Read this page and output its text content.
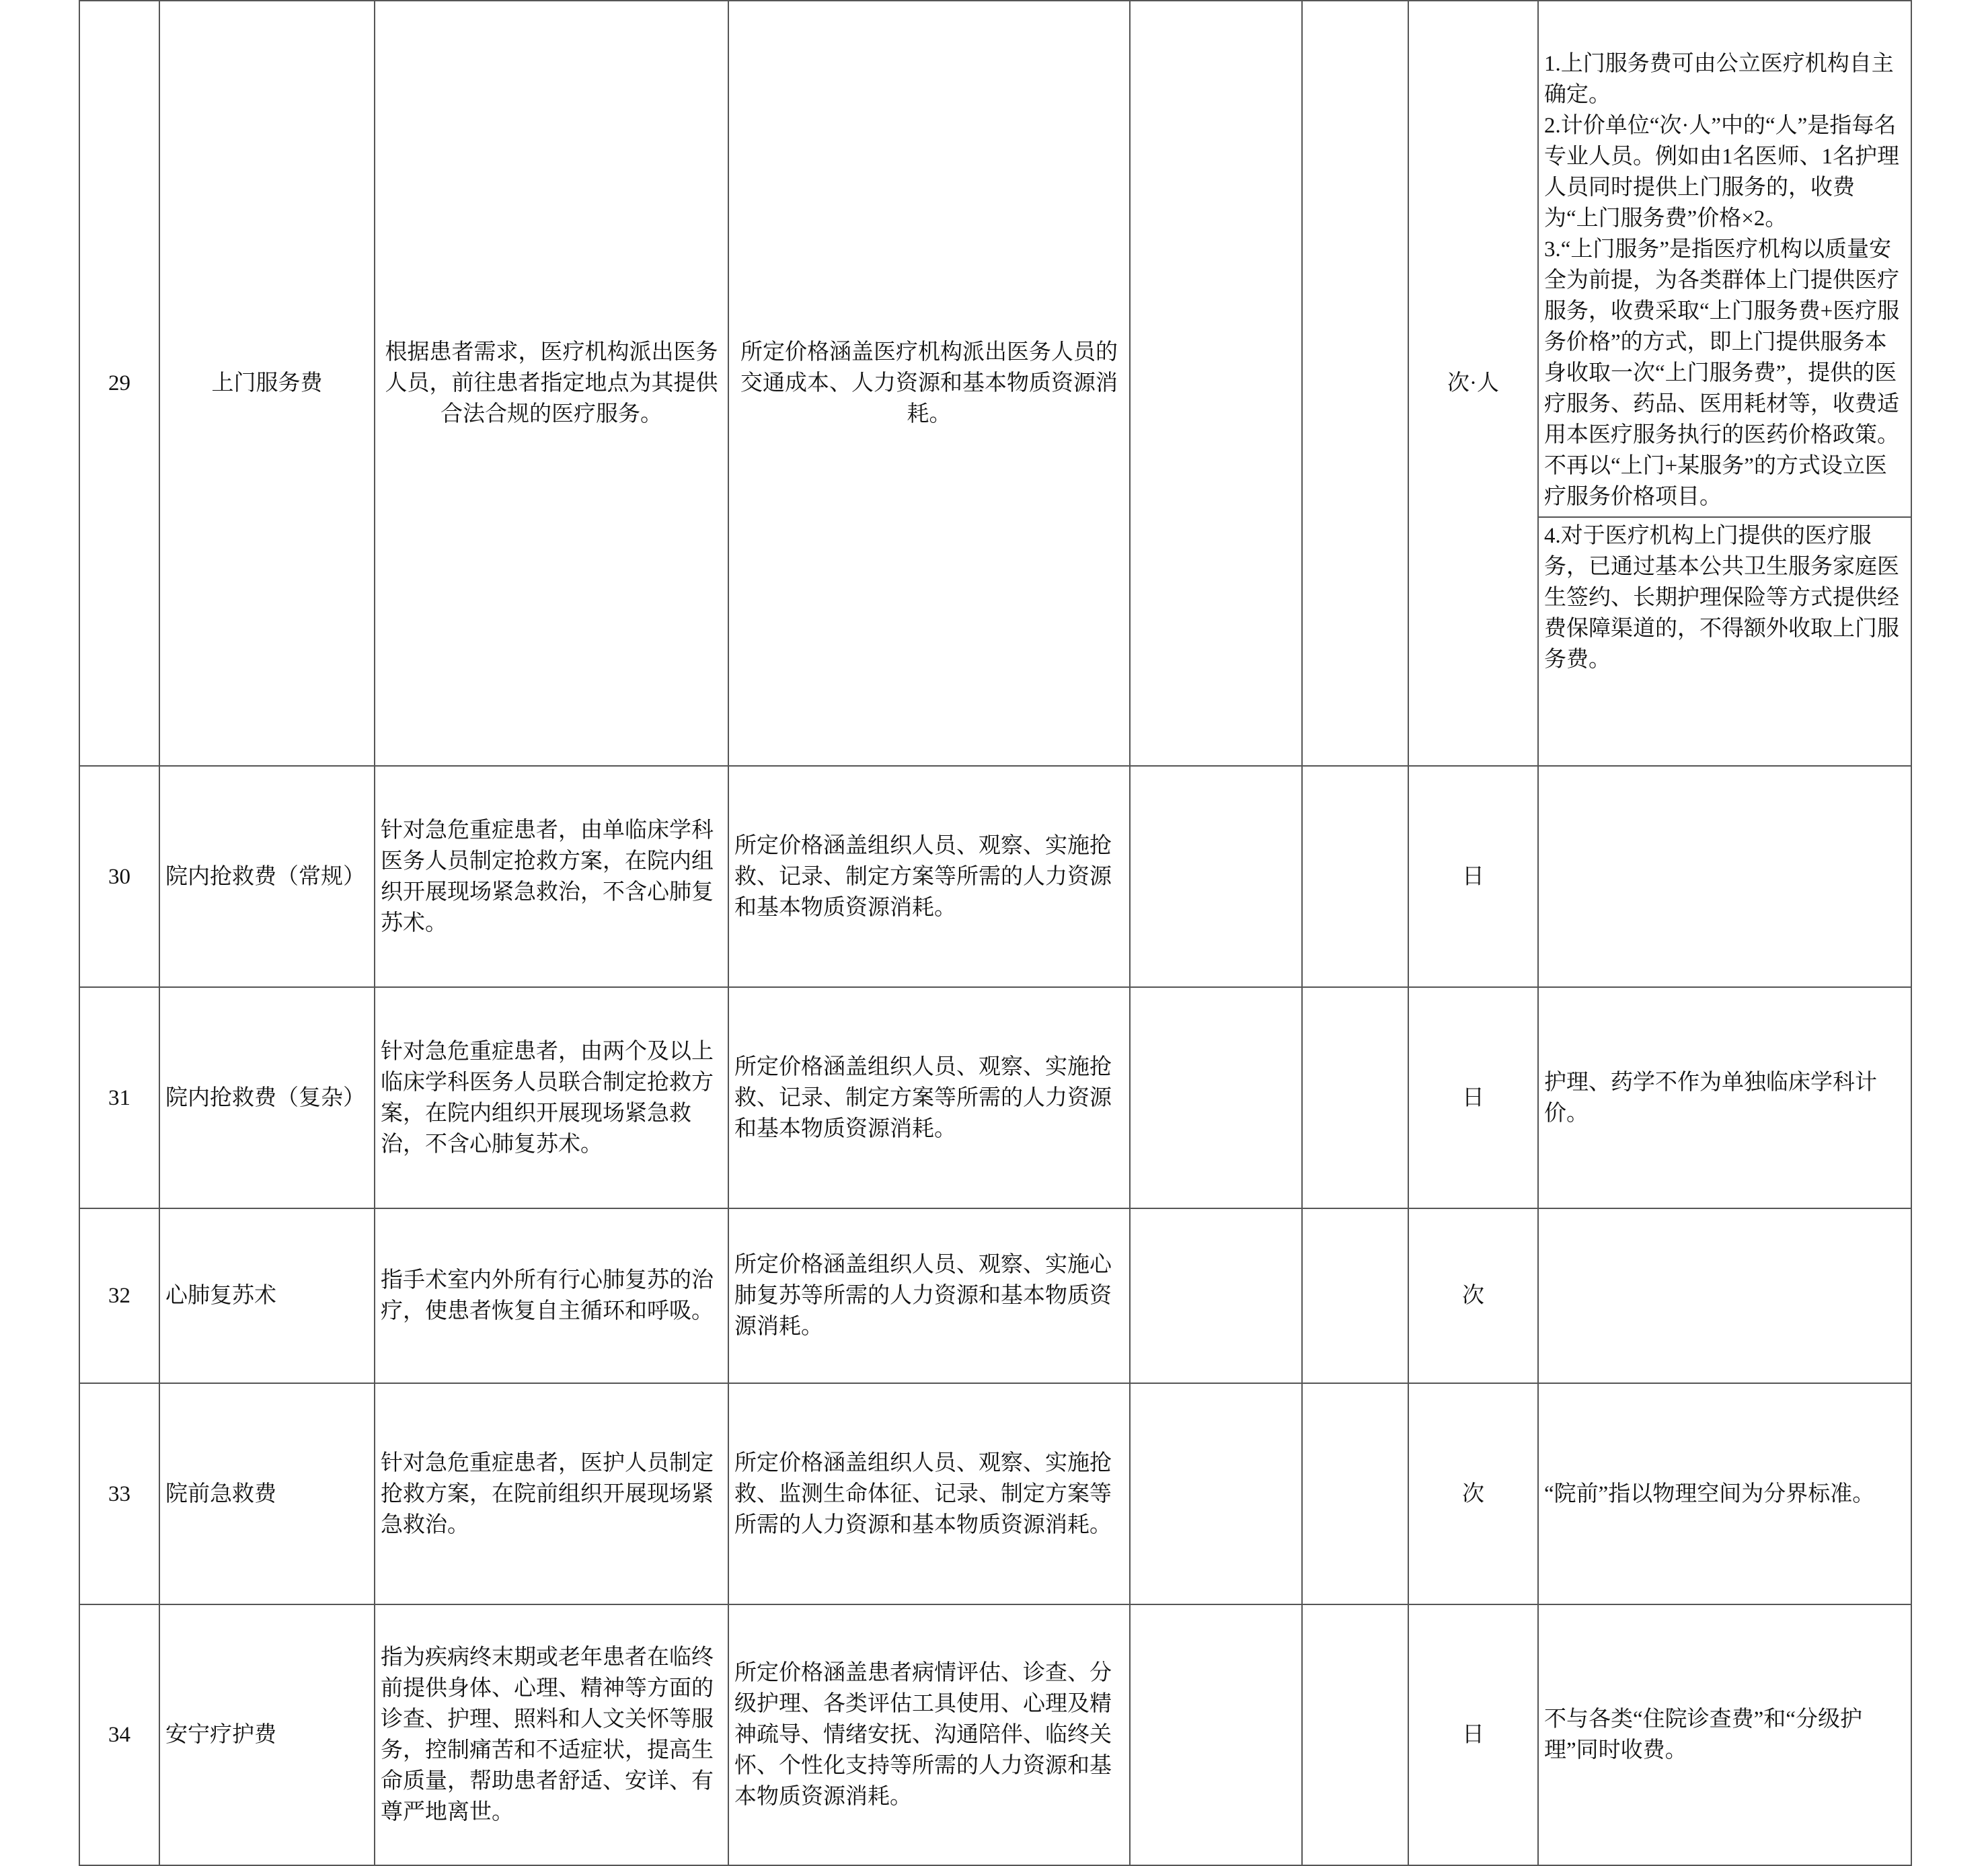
29	上门服务费	根据患者需求，医疗机构派出医务人员，前往患者指定地点为其提供合法合规的医疗服务。	所定价格涵盖医疗机构派出医务人员的交通成本、人力资源和基本物质资源消耗。			次·人	1.上门服务费可由公立医疗机构自主确定。
2.计价单位“次·人”中的“人”是指每名专业人员。例如由1名医师、1名护理人员同时提供上门服务的，收费为“上门服务费”价格×2。
3.“上门服务”是指医疗机构以质量安全为前提，为各类群体上门提供医疗服务，收费采取“上门服务费+医疗服务价格”的方式，即上门提供服务本身收取一次“上门服务费”，提供的医疗服务、药品、医用耗材等，收费适用本医疗服务执行的医药价格政策。不再以“上门+某服务”的方式设立医疗服务价格项目。
4.对于医疗机构上门提供的医疗服务，已通过基本公共卫生服务家庭医生签约、长期护理保险等方式提供经费保障渠道的，不得额外收取上门服务费。

30	院内抢救费（常规）	针对急危重症患者，由单临床学科医务人员制定抢救方案，在院内组织开展现场紧急救治，不含心肺复苏术。	所定价格涵盖组织人员、观察、实施抢救、记录、制定方案等所需的人力资源和基本物质资源消耗。			日	
31	院内抢救费（复杂）	针对急危重症患者，由两个及以上临床学科医务人员联合制定抢救方案，在院内组织开展现场紧急救治，不含心肺复苏术。	所定价格涵盖组织人员、观察、实施抢救、记录、制定方案等所需的人力资源和基本物质资源消耗。			日	护理、药学不作为单独临床学科计价。
32	心肺复苏术	指手术室内外所有行心肺复苏的治疗，使患者恢复自主循环和呼吸。	所定价格涵盖组织人员、观察、实施心肺复苏等所需的人力资源和基本物质资源消耗。			次	
33	院前急救费	针对急危重症患者，医护人员制定抢救方案，在院前组织开展现场紧急救治。	所定价格涵盖组织人员、观察、实施抢救、监测生命体征、记录、制定方案等所需的人力资源和基本物质资源消耗。			次	“院前”指以物理空间为分界标准。
34	安宁疗护费	指为疾病终末期或老年患者在临终前提供身体、心理、精神等方面的诊查、护理、照料和人文关怀等服务，控制痛苦和不适症状，提高生命质量，帮助患者舒适、安详、有尊严地离世。	所定价格涵盖患者病情评估、诊查、分级护理、各类评估工具使用、心理及精神疏导、情绪安抚、沟通陪伴、临终关怀、个性化支持等所需的人力资源和基本物质资源消耗。			日	不与各类“住院诊查费”和“分级护理”同时收费。
